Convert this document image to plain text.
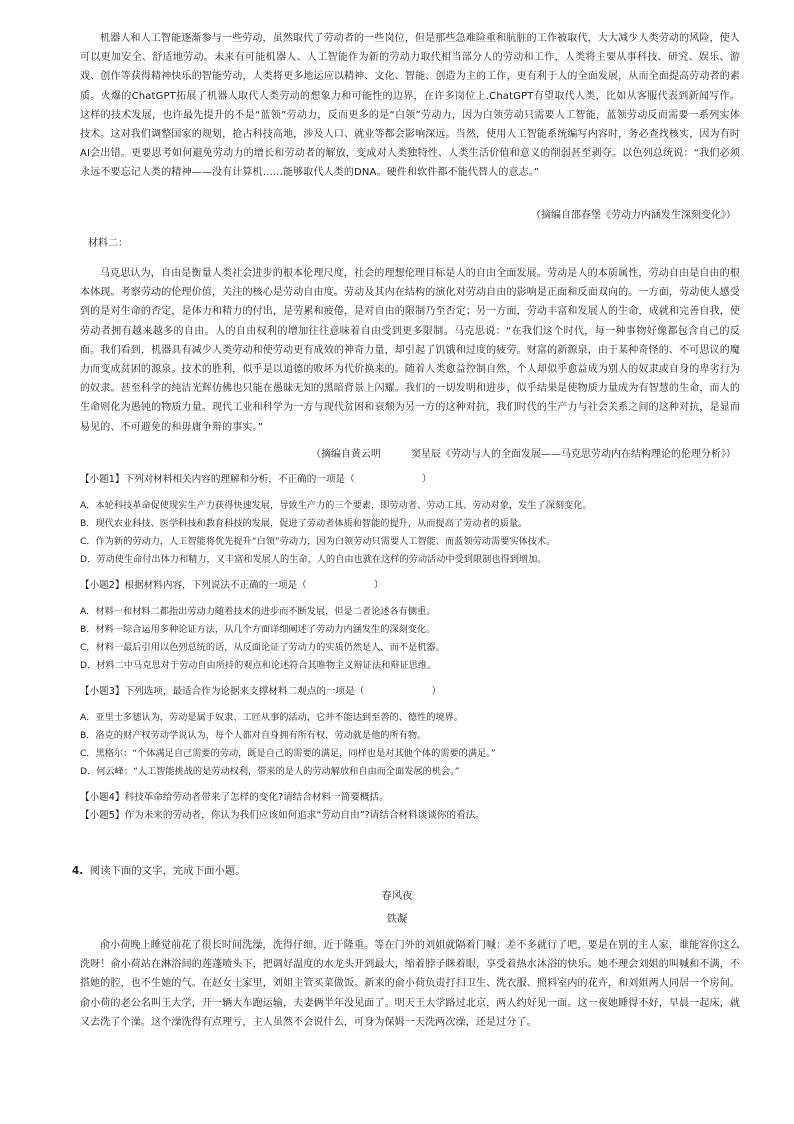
机器人和人工智能逐渐参与一些劳动，虽然取代了劳动者的一些岗位，但是那些急难险重和肮脏的工作被取代，大大减少人类劳动的风险，使人可以更加安全、舒适地劳动。未来有可能机器人、人工智能作为新的劳动力取代相当部分人的劳动和工作，人类将主要从事科技、研究、娱乐、游戏、创作等获得精神快乐的智能劳动，人类将更多地运应以精神、文化、智能、创造为主的工作，更有利于人的全面发展，从而全面提高劳动者的素质。火爆的ChatGPT拓展了机器人取代人类劳动的想象力和可能性的边界，在许多岗位上.ChatGPT有望取代人类，比如从客服代表到新闻写作。这样的技术发展，也许最先提升的不是“蓝领”劳动力，反而更多的是“白领”劳动力，因为白领劳动只需要人工智能，蓝领劳动反而需要一系列实体技术。这对我们调整国家的规划，抢占科技高地，涉及人口、就业等都会影响深远。当然，使用人工智能系统编写内容时，务必查找核实，因为有时AI会出错。更要思考如何避免劳动力的增长和劳动者的解放，变成对人类独特性、人类生活价值和意义的削弱甚至剥夺。以色列总统说：“我们必须永远不要忘记人类的精神——没有计算机……能够取代人类的DNA。硬件和软件都不能代替人的意志。”

（摘编自邵春堡《劳动力内涵发生深刻变化》）

材料二：

马克思认为，自由是衡量人类社会进步的根本伦理尺度，社会的理想伦理目标是人的自由全面发展。劳动是人的本质属性，劳动自由是自由的根本体现。考察劳动的伦理价值，关注的核心是劳动自由度。劳动及其内在结构的演化对劳动自由的影响是正面和反面双向的。一方面，劳动使人感受到的是对生命的否定，是体力和精力的付出，是劳累和疲倦，是对自由的限制乃至否定；另一方面，劳动丰富和发展人的生命，成就和完善自我，使劳动者拥有越来越多的自由。人的自由权利的增加往往意味着自由受到更多限制。马克思说：“在我们这个时代，每一种事物好像都包含自己的反面。我们看到，机器具有减少人类劳动和使劳动更有成效的神奇力量，却引起了饥饿和过度的疲劳。财富的新源泉，由于某种奇怪的、不可思议的魔力而变成贫困的源泉。技术的胜利，似乎是以道德的败坏为代价换来的。随着人类愈益控制自然，个人却似乎愈益成为别人的奴隶或自身的卑劣行为的奴隶。甚至科学的纯洁光辉仿佛也只能在愚昧无知的黑暗背景上闪耀。我们的一切发明和进步，似乎结果是使物质力量成为有智慧的生命，而人的生命则化为愚钝的物质力量。现代工业和科学为一方与现代贫困和衰颓为另一方的这种对抗，我们时代的生产力与社会关系之间的这种对抗，是显而易见的、不可避免的和毋庸争辩的事实。”

（摘编自黄云明　　　窦星辰《劳动与人的全面发展——马克思劳动内在结构理论的伦理分析》）

【小题1】下列对材料相关内容的理解和分析，不正确的一项是（　　　　　　　）

A．本轮科技革命促使现实生产力获得快速发展，导致生产力的三个要素，即劳动者、劳动工具、劳动对象，发生了深刻变化。

B．现代农业科技、医学科技和教育科技的发展，促进了劳动者体质和智能的提升，从而提高了劳动者的质量。

C．作为新的劳动力，人工智能将优先提升“白领”劳动力，因为白领劳动只需要人工智能、而蓝领劳动需要实体技术。

D．劳动使生命付出体力和精力，又丰富和发展人的生命，人的自由也就在这样的劳动活动中受到限制也得到增加。

【小题2】根据材料内容，下列说法不正确的一项是（　　　　　　　）

A．材料一和材料二都指出劳动力随着技术的进步而不断发展，但是二者论述各有侧重。

B．材料一综合运用多种论证方法，从几个方面详细阐述了劳动力内涵发生的深刻变化。

C．材料一最后引用以色列总统的话，从反面论证了劳动力的实质仍然是人，而不是机器。

D．材料二中马克思对于劳动自由所持的观点和论述符合其唯物主义辩证法和辩证思维。

【小题3】下列选项，最适合作为论据来支撑材料二观点的一项是（　　　　　　　）

A．亚里士多德认为，劳动是属于奴隶、工匠从事的活动，它并不能达到至善的、德性的境界。

B．洛克的财产权劳动学说认为，每个人都对自身拥有所有权，劳动就是他的所有物。

C．黑格尔：“个体满足自己需要的劳动，既是自己的需要的满足，同样也是对其他个体的需要的满足。”

D．何云峰：“人工智能挑战的是劳动权利，带来的是人的劳动解放和自由而全面发展的机会。”

【小题4】科技革命给劳动者带来了怎样的变化?请结合材料一简要概括。

【小题5】作为未来的劳动者，你认为我们应该如何追求“劳动自由”?请结合材料谈谈你的看法。

4. 阅读下面的文字，完成下面小题。

春风夜

铁凝

俞小荷晚上睡觉前花了很长时间洗澡，洗得仔细，近于隆重。等在门外的刘姐就隔着门喊：差不多就行了吧，要是在别的主人家，谁能容你这么洗呀！俞小荷站在淋浴间的莲蓬喷头下，把调好温度的水龙头开到最大，缩着脖子眯着眼，享受着热水沐浴的快乐。她不理会刘姐的叫喊和不满，不搭她的腔，也不生她的气。在赵女士家里，刘姐主管买菜做饭。新来的俞小荷负责打扫卫生、洗衣服、照料室内的花卉，和刘姐两人同居一个房间。俞小荷的老公名叫王大学，开一辆大车跑运输，夫妻俩半年没见面了。明天王大学路过北京，两人约好见一面。这一夜她睡得不好，早晨一起床，就又去洗了个澡。这个澡洗得有点理亏，主人虽然不会说什么，可身为保姆一天洗两次澡，还是过分了。
